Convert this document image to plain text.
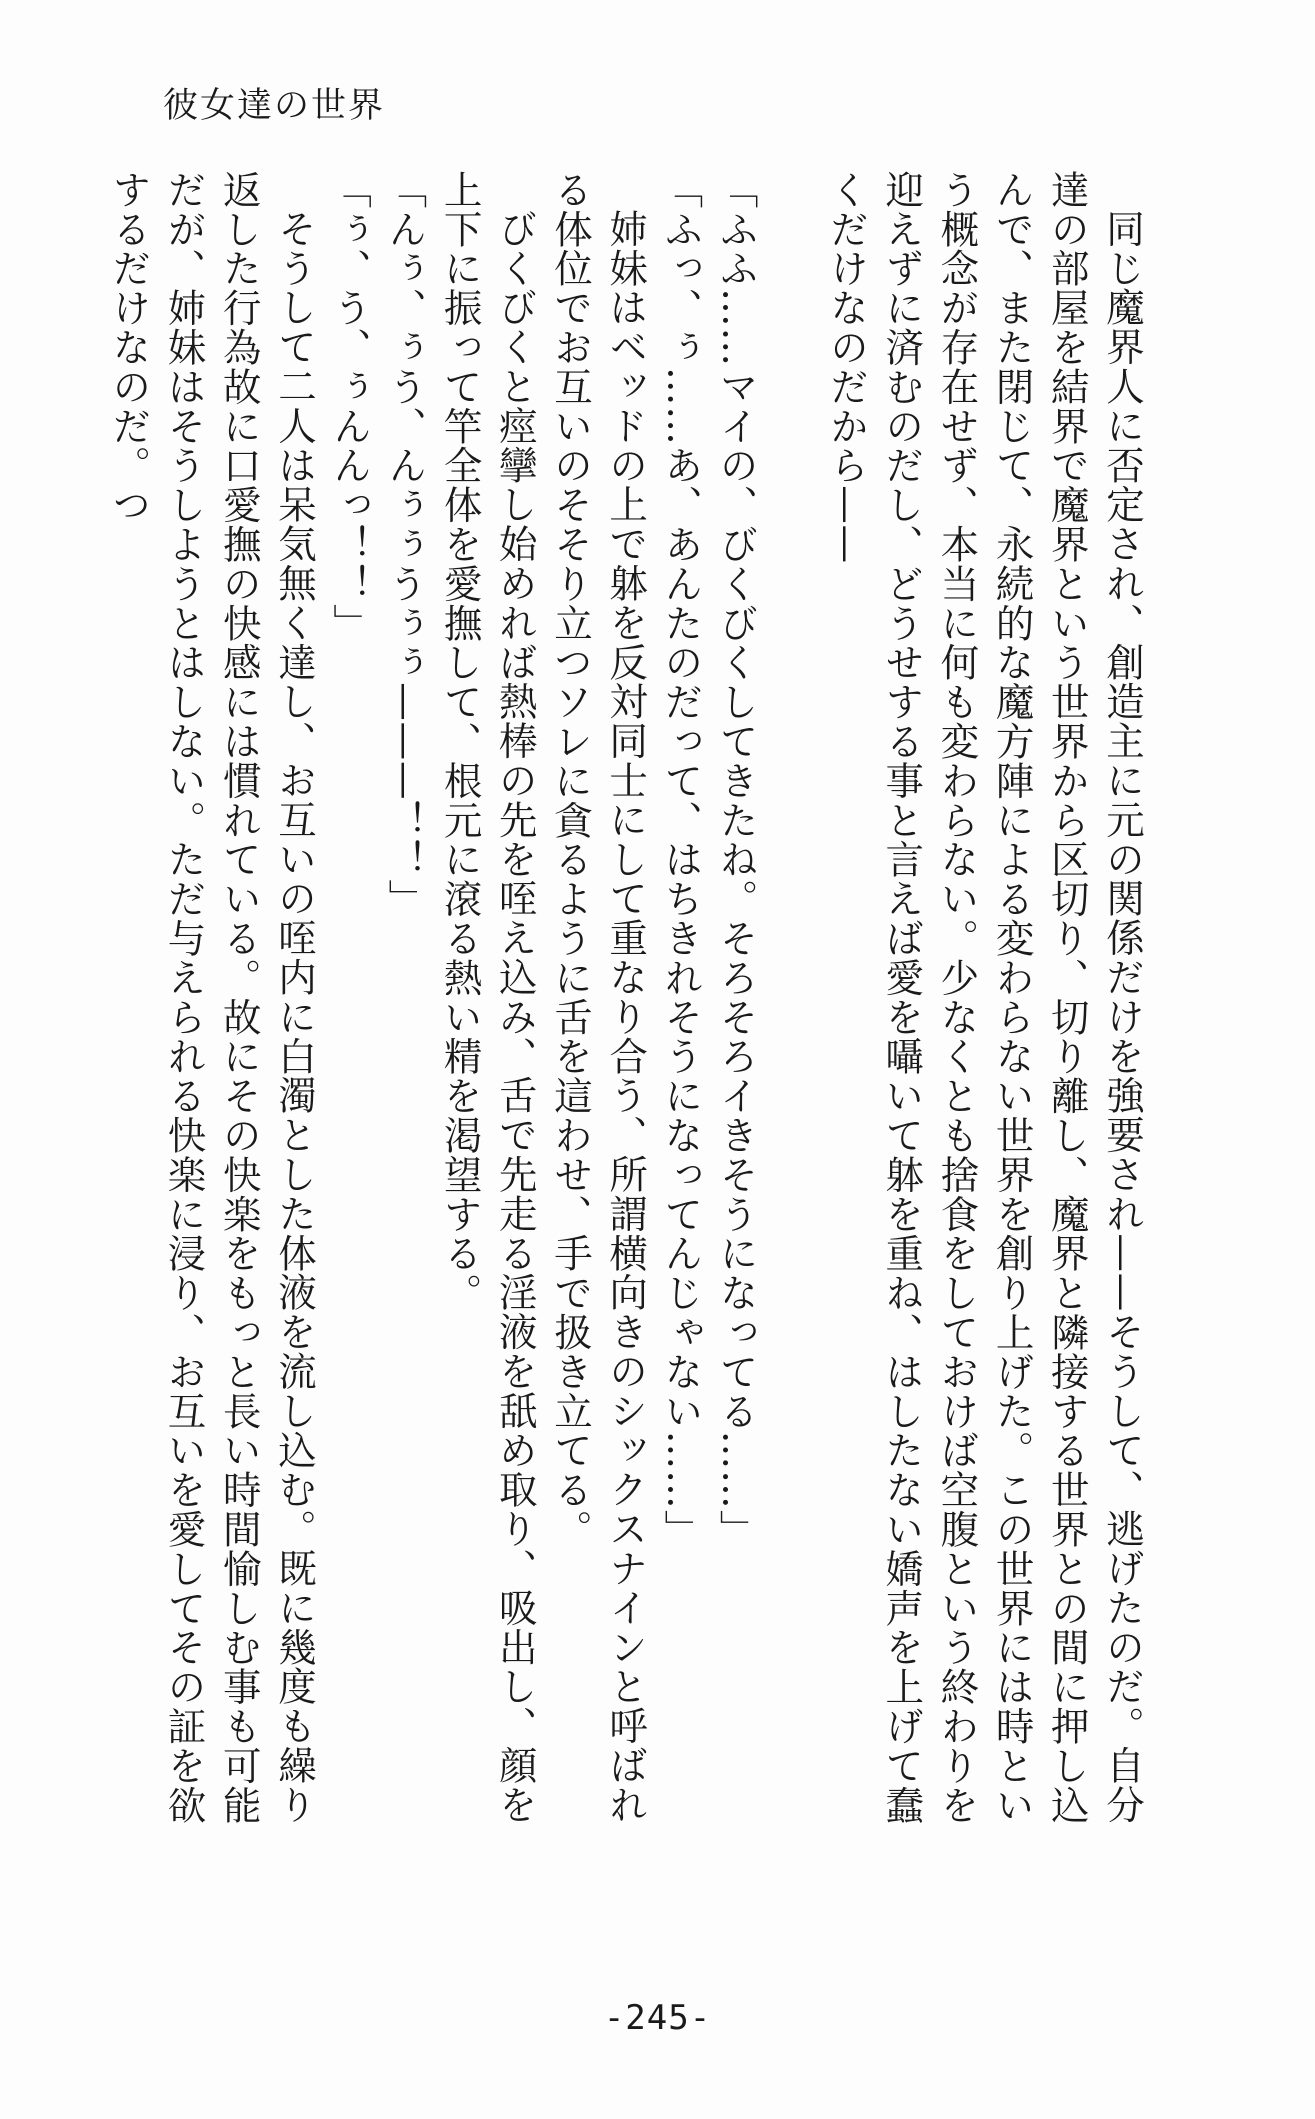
彼女達の世界

同じ魔界人に否定され、創造主に元の関係だけを強要され——そうして、逃げたのだ。自分達の部屋を結界で魔界という世界から区切り、切り離し、魔界と隣接する世界との間に押し込んで、また閉じて、永続的な魔方陣による変わらない世界を創り上げた。この世界には時という概念が存在せず、本当に何も変わらない。少なくとも捨食をしておけば空腹という終わりを迎えずに済むのだし、どうせする事と言えば愛を囁いて躰を重ね、はしたない嬌声を上げて蠢くだけなのだから——

「ふふ……マイの、びくびくしてきたね。そろそろイきそうになってる……」

「ふっ、ぅ……あ、あんたのだって、はちきれそうになってんじゃない……」

姉妹はベッドの上で躰を反対同士にして重なり合う、所謂横向きのシックスナインと呼ばれる体位でお互いのそそり立つソレに貪るように舌を這わせ、手で扱き立てる。

びくびくと痙攣し始めれば熱棒の先を咥え込み、舌で先走る淫液を舐め取り、吸出し、顔を上下に振って竿全体を愛撫して、根元に滾る熱い精を渇望する。

「んぅ、ぅう、んぅぅうぅぅ———！！」

「ぅ、う、ぅんんっ！！」

そうして二人は呆気無く達し、お互いの咥内に白濁とした体液を流し込む。既に幾度も繰り返した行為故に口愛撫の快感には慣れている。故にその快楽をもっと長い時間愉しむ事も可能だが、姉妹はそうしようとはしない。ただ与えられる快楽に浸り、お互いを愛してその証を欲するだけなのだ。つ

-245-
